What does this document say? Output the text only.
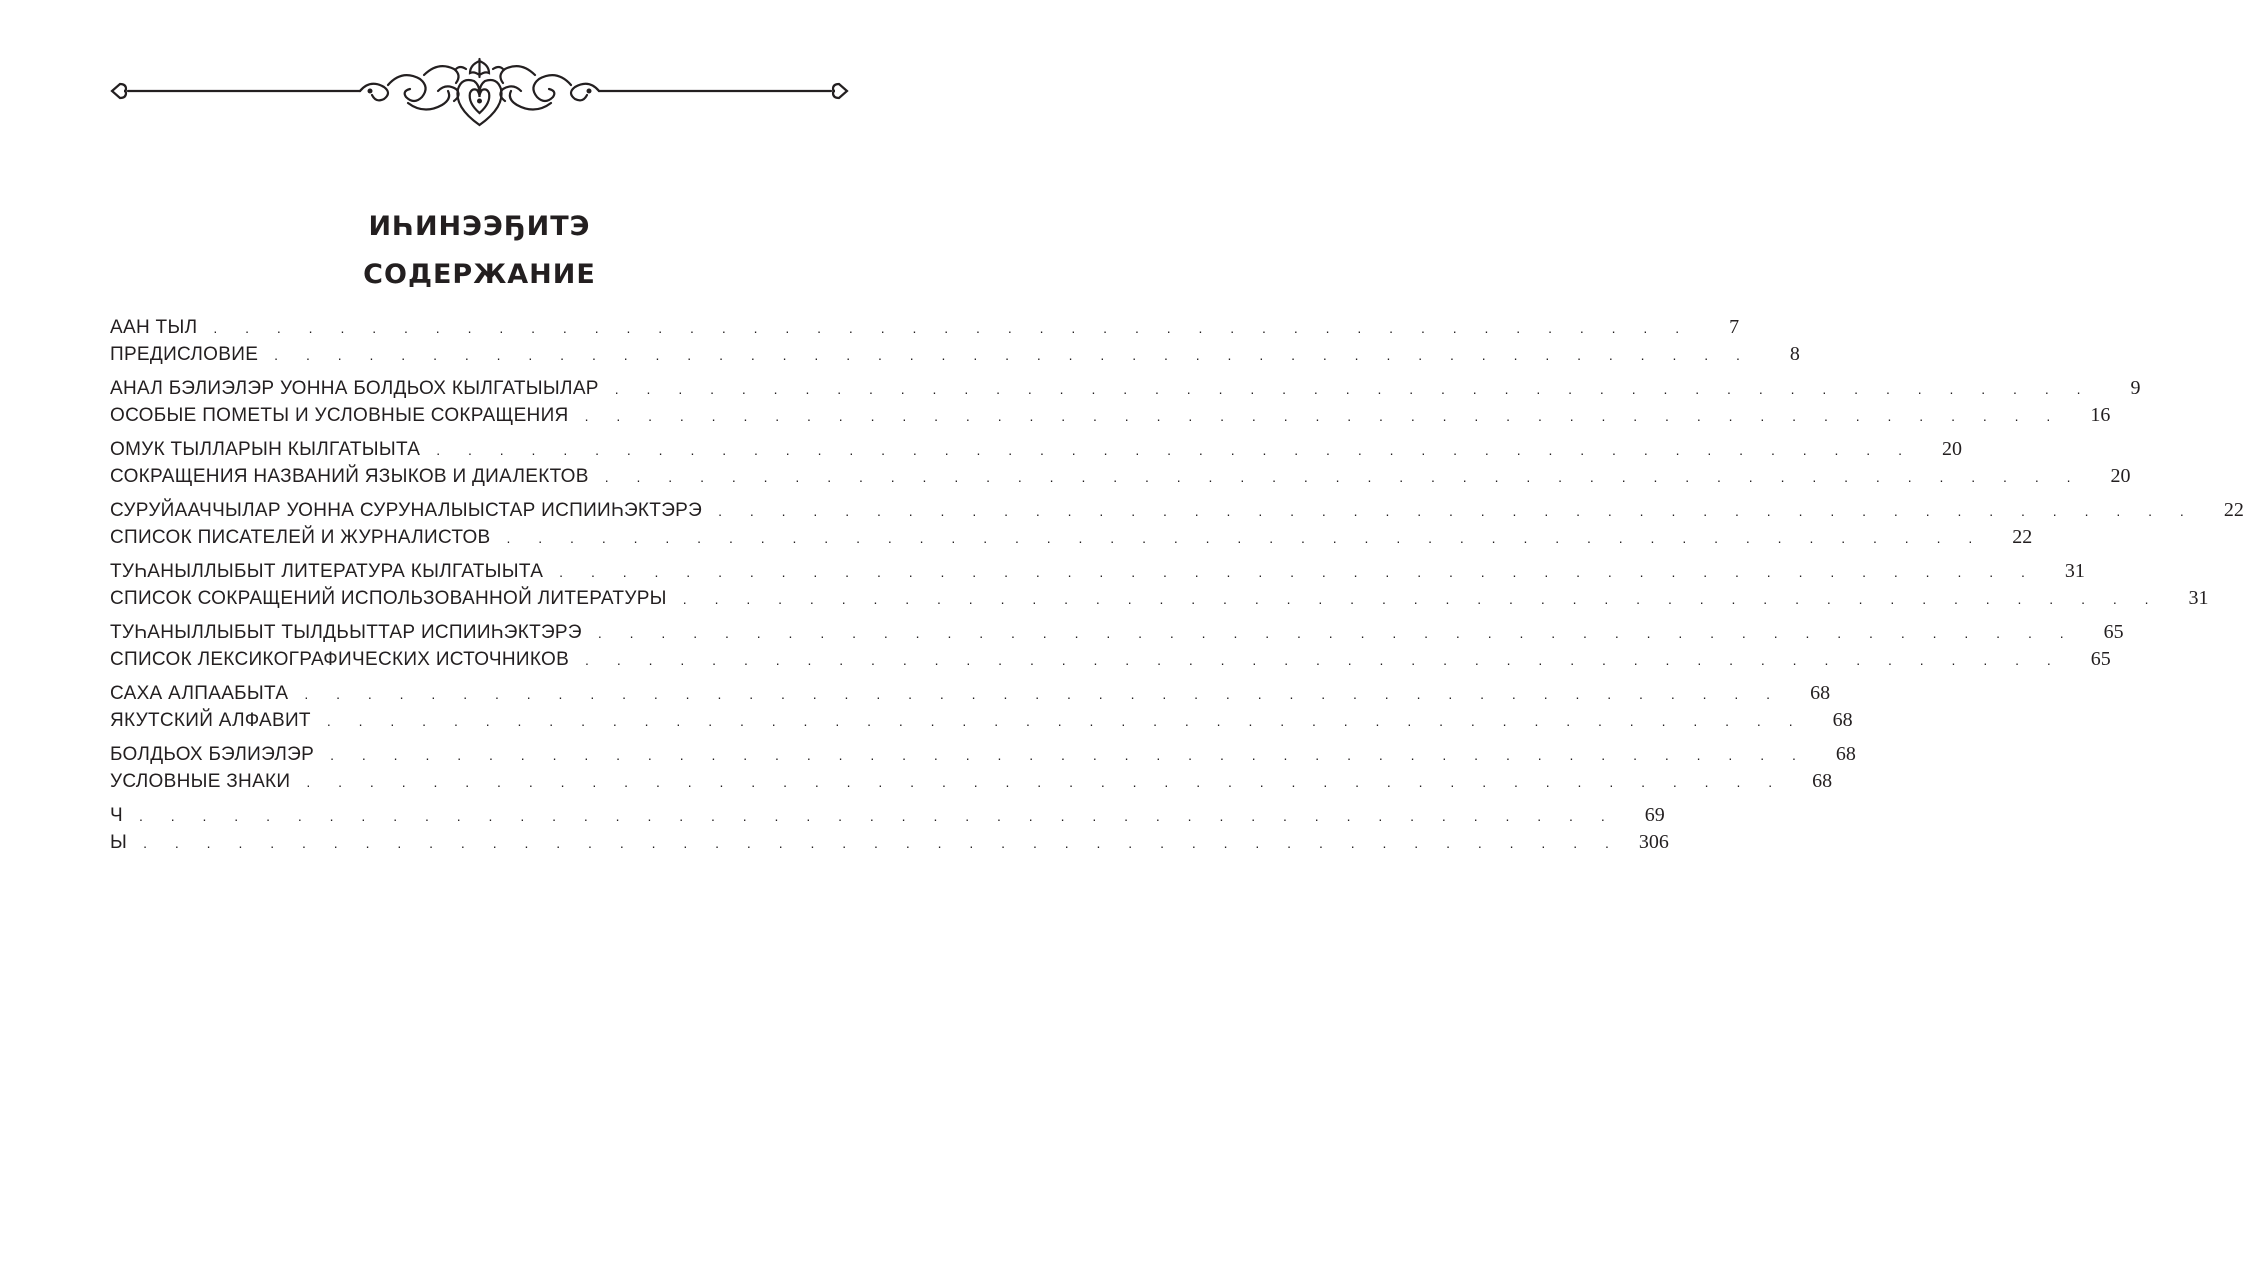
ИҺИНЭЭҔИТЭ
СОДЕРЖАНИЕ
ААН ТЫЛ . . . . . . . . . . . . . . . . . . . . . . . . . . . . . . . . . . . . . . . . . . . . . . .	7
ПРЕДИСЛОВИЕ . . . . . . . . . . . . . . . . . . . . . . . . . . . . . . . . . . . . . . . . . . . . . . .	8
АНАЛ БЭЛИЭЛЭР УОННА БОЛДЬОХ КЫЛГАТЫЫЛАР . . . . . . . . . . . . . . . . . . . . . . . . . . . . . . . . . . . . . . . . . . . . . . .	9
ОСОБЫЕ ПОМЕТЫ И УСЛОВНЫЕ СОКРАЩЕНИЯ . . . . . . . . . . . . . . . . . . . . . . . . . . . . . . . . . . . . . . . . . . . . . . .	16
ОМУК ТЫЛЛАРЫН КЫЛГАТЫЫТА . . . . . . . . . . . . . . . . . . . . . . . . . . . . . . . . . . . . . . . . . . . . . . .	20
СОКРАЩЕНИЯ НАЗВАНИЙ ЯЗЫКОВ И ДИАЛЕКТОВ . . . . . . . . . . . . . . . . . . . . . . . . . . . . . . . . . . . . . . . . . . . . . . .	20
СУРУЙААЧЧЫЛАР УОННА СУРУНАЛЫЫСТАР ИСПИИҺЭКТЭРЭ . . . . . . . . . . . . . . . . . . . . . . . . . . . . . . . . . . . . . . . . . . . . . . .	22
СПИСОК ПИСАТЕЛЕЙ И ЖУРНАЛИСТОВ . . . . . . . . . . . . . . . . . . . . . . . . . . . . . . . . . . . . . . . . . . . . . . .	22
ТУҺАНЫЛЛЫБЫТ ЛИТЕРАТУРА КЫЛГАТЫЫТА . . . . . . . . . . . . . . . . . . . . . . . . . . . . . . . . . . . . . . . . . . . . . . .	31
СПИСОК СОКРАЩЕНИЙ ИСПОЛЬЗОВАННОЙ ЛИТЕРАТУРЫ . . . . . . . . . . . . . . . . . . . . . . . . . . . . . . . . . . . . . . . . . . . . . . .	31
ТУҺАНЫЛЛЫБЫТ ТЫЛДЬЫТТАР ИСПИИҺЭКТЭРЭ . . . . . . . . . . . . . . . . . . . . . . . . . . . . . . . . . . . . . . . . . . . . . . .	65
СПИСОК ЛЕКСИКОГРАФИЧЕСКИХ ИСТОЧНИКОВ . . . . . . . . . . . . . . . . . . . . . . . . . . . . . . . . . . . . . . . . . . . . . . .	65
САХА АЛПААБЫТА . . . . . . . . . . . . . . . . . . . . . . . . . . . . . . . . . . . . . . . . . . . . . . .	68
ЯКУТСКИЙ АЛФАВИТ . . . . . . . . . . . . . . . . . . . . . . . . . . . . . . . . . . . . . . . . . . . . . . .	68
БОЛДЬОХ БЭЛИЭЛЭР . . . . . . . . . . . . . . . . . . . . . . . . . . . . . . . . . . . . . . . . . . . . . . .	68
УСЛОВНЫЕ ЗНАКИ . . . . . . . . . . . . . . . . . . . . . . . . . . . . . . . . . . . . . . . . . . . . . . .	68
Ч . . . . . . . . . . . . . . . . . . . . . . . . . . . . . . . . . . . . . . . . . . . . . . .	69
Ы . . . . . . . . . . . . . . . . . . . . . . . . . . . . . . . . . . . . . . . . . . . . . . . 306
